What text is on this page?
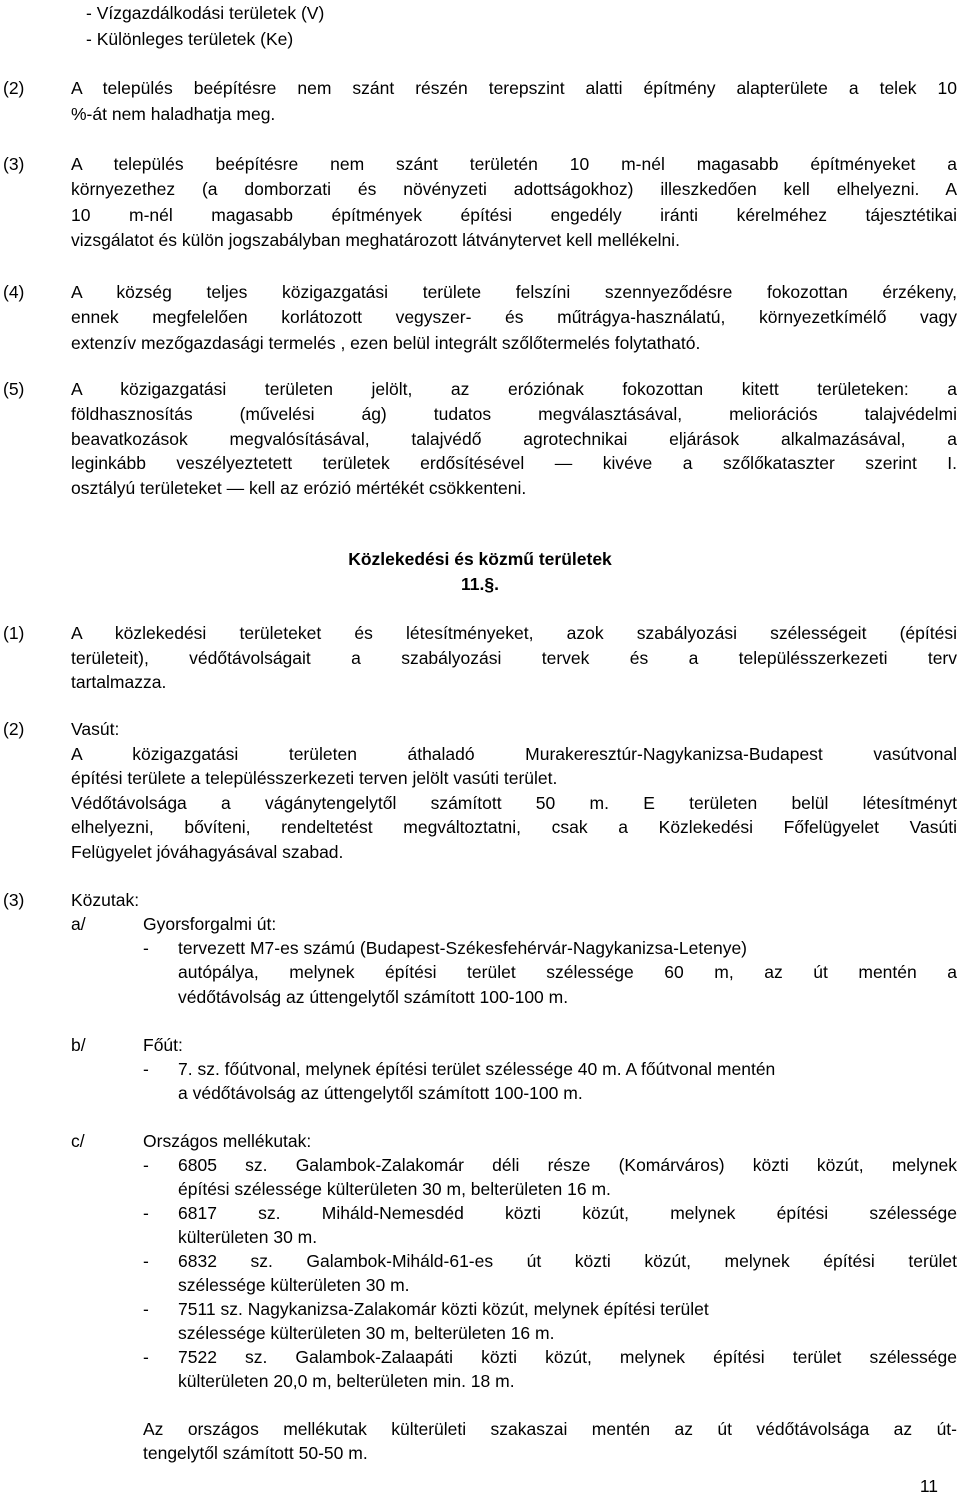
- Vízgazdálkodási területek (V)
- Különleges területek (Ke)
(2)	A település beépítésre nem szánt részén terepszint alatti építmény alapterülete a telek 10
%-át nem haladhatja meg.
(3)	A település beépítésre nem szánt területén 10 m-nél magasabb építményeket a
környezethez (a domborzati és növényzeti adottságokhoz) illeszkedően kell elhelyezni. A
10 m-nél magasabb építmények építési engedély iránti kérelméhez tájesztétikai
vizsgálatot és külön jogszabályban meghatározott látványtervet kell mellékelni.
(4)	A község teljes közigazgatási területe felszíni szennyeződésre fokozottan érzékeny,
ennek megfelelően korlátozott vegyszer- és műtrágya-használatú, környezetkímélő vagy
extenzív mezőgazdasági termelés , ezen belül integrált szőlőtermelés folytatható.
(5)	A közigazgatási területen jelölt, az eróziónak fokozottan kitett területeken: a
földhasznosítás (művelési ág) tudatos megválasztásával, meliorációs talajvédelmi
beavatkozások megvalósításával, talajvédő agrotechnikai eljárások alkalmazásával, a
leginkább veszélyeztetett területek erdősítésével — kivéve a szőlőkataszter szerint I.
osztályú területeket — kell az erózió mértékét csökkenteni.
Közlekedési és közmű területek
11.§.
(1)	A közlekedési területeket és létesítményeket, azok szabályozási szélességeit (építési
területeit), védőtávolságait a szabályozási tervek és a településszerkezeti terv
tartalmazza.
(2)	Vasút:
A közigazgatási területen áthaladó Murakeresztúr-Nagykanizsa-Budapest vasútvonal
építési területe a településszerkezeti terven jelölt vasúti terület.
Védőtávolsága a vágánytengelytől számított 50 m. E területen belül létesítményt
elhelyezni, bővíteni, rendeltetést megváltoztatni, csak a Közlekedési Főfelügyelet Vasúti
Felügyelet jóváhagyásával szabad.
(3)	Közutak:
a/	Gyorsforgalmi út:
- tervezett M7-es számú (Budapest-Székesfehérvár-Nagykanizsa-Letenye)
autópálya, melynek építési terület szélessége 60 m, az út mentén a
védőtávolság az úttengelytől számított 100-100 m.
b/	Főút:
- 7. sz. főútvonal, melynek építési terület szélessége 40 m. A főútvonal mentén
a védőtávolság az úttengelytől számított 100-100 m.
c/	Országos mellékutak:
- 6805 sz. Galambok-Zalakomár déli része (Komárváros) közti közút, melynek
építési szélessége külterületen 30 m, belterületen 16 m.
- 6817 sz. Miháld-Nemesdéd közti közút, melynek építési szélessége
külterületen 30 m.
- 6832 sz. Galambok-Miháld-61-es út közti közút, melynek építési terület
szélessége külterületen 30 m.
- 7511 sz. Nagykanizsa-Zalakomár közti közút, melynek építési terület
szélessége külterületen 30 m, belterületen 16 m.
- 7522 sz. Galambok-Zalaapáti közti közút, melynek építési terület szélessége
külterületen 20,0 m, belterületen min. 18 m.
Az országos mellékutak külterületi szakaszai mentén az út védőtávolsága az út-
tengelytől számított 50-50 m.
11
